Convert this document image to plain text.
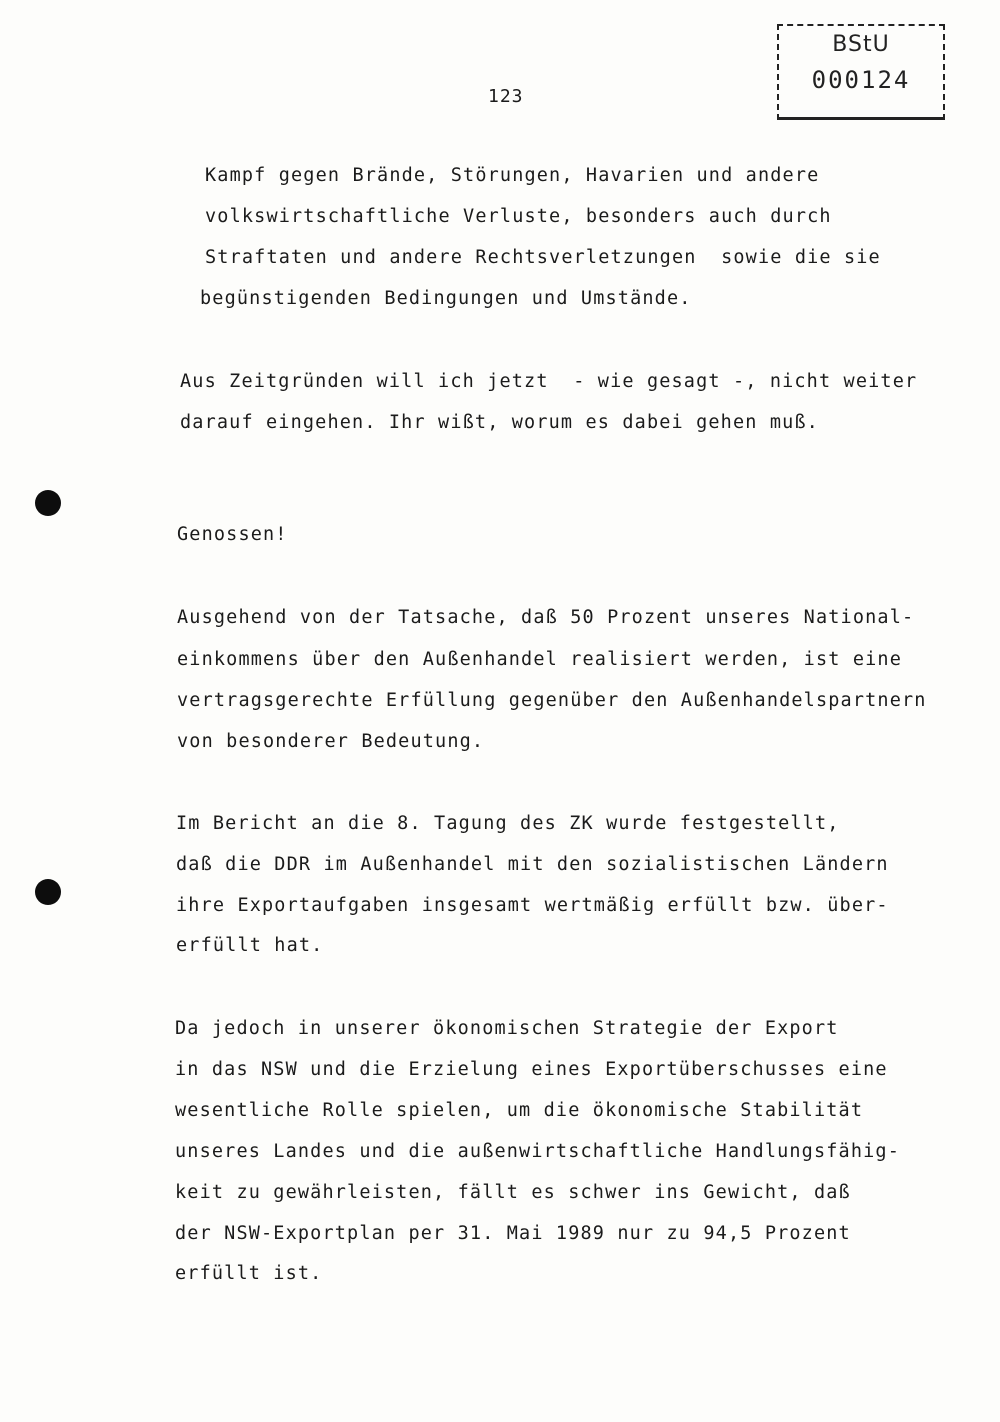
BStU
000124
123
Kampf gegen Brände, Störungen, Havarien und andere
volkswirtschaftliche Verluste, besonders auch durch
Straftaten und andere Rechtsverletzungen  sowie die sie
begünstigenden Bedingungen und Umstände.
Aus Zeitgründen will ich jetzt  - wie gesagt -, nicht weiter
darauf eingehen. Ihr wißt, worum es dabei gehen muß.
Genossen!
Ausgehend von der Tatsache, daß 50 Prozent unseres National-
einkommens über den Außenhandel realisiert werden, ist eine
vertragsgerechte Erfüllung gegenüber den Außenhandelspartnern
von besonderer Bedeutung.
Im Bericht an die 8. Tagung des ZK wurde festgestellt,
daß die DDR im Außenhandel mit den sozialistischen Ländern
ihre Exportaufgaben insgesamt wertmäßig erfüllt bzw. über-
erfüllt hat.
Da jedoch in unserer ökonomischen Strategie der Export
in das NSW und die Erzielung eines Exportüberschusses eine
wesentliche Rolle spielen, um die ökonomische Stabilität
unseres Landes und die außenwirtschaftliche Handlungsfähig-
keit zu gewährleisten, fällt es schwer ins Gewicht, daß
der NSW-Exportplan per 31. Mai 1989 nur zu 94,5 Prozent
erfüllt ist.
